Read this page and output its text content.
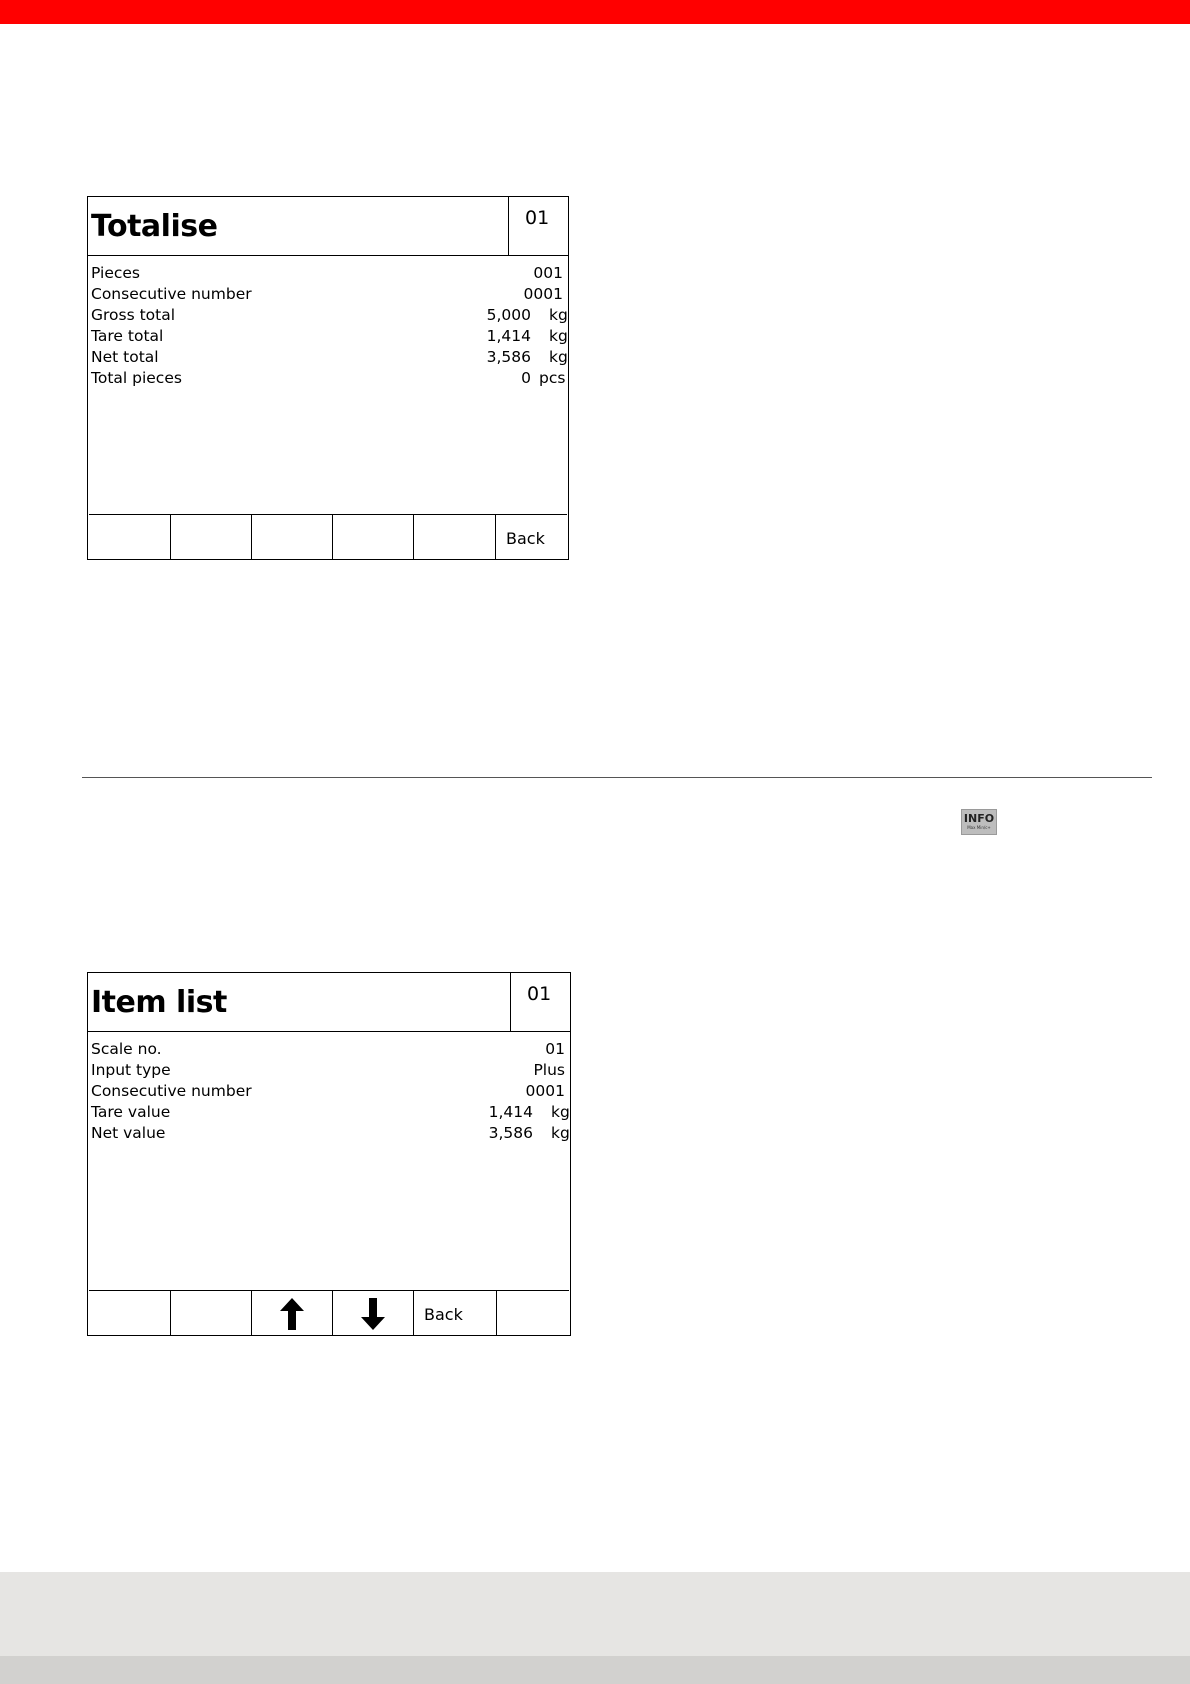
Totalise	01
Pieces	001
Consecutive number	0001
Gross total	5,000 kg
Tare total	1,414 kg
Net total	3,586 kg
Total pieces	0 pcs
Back
INFO
Max Min/c+
Item list	01
Scale no.	01
Input type	Plus
Consecutive number	0001
Tare value	1,414 kg
Net value	3,586 kg
Back
